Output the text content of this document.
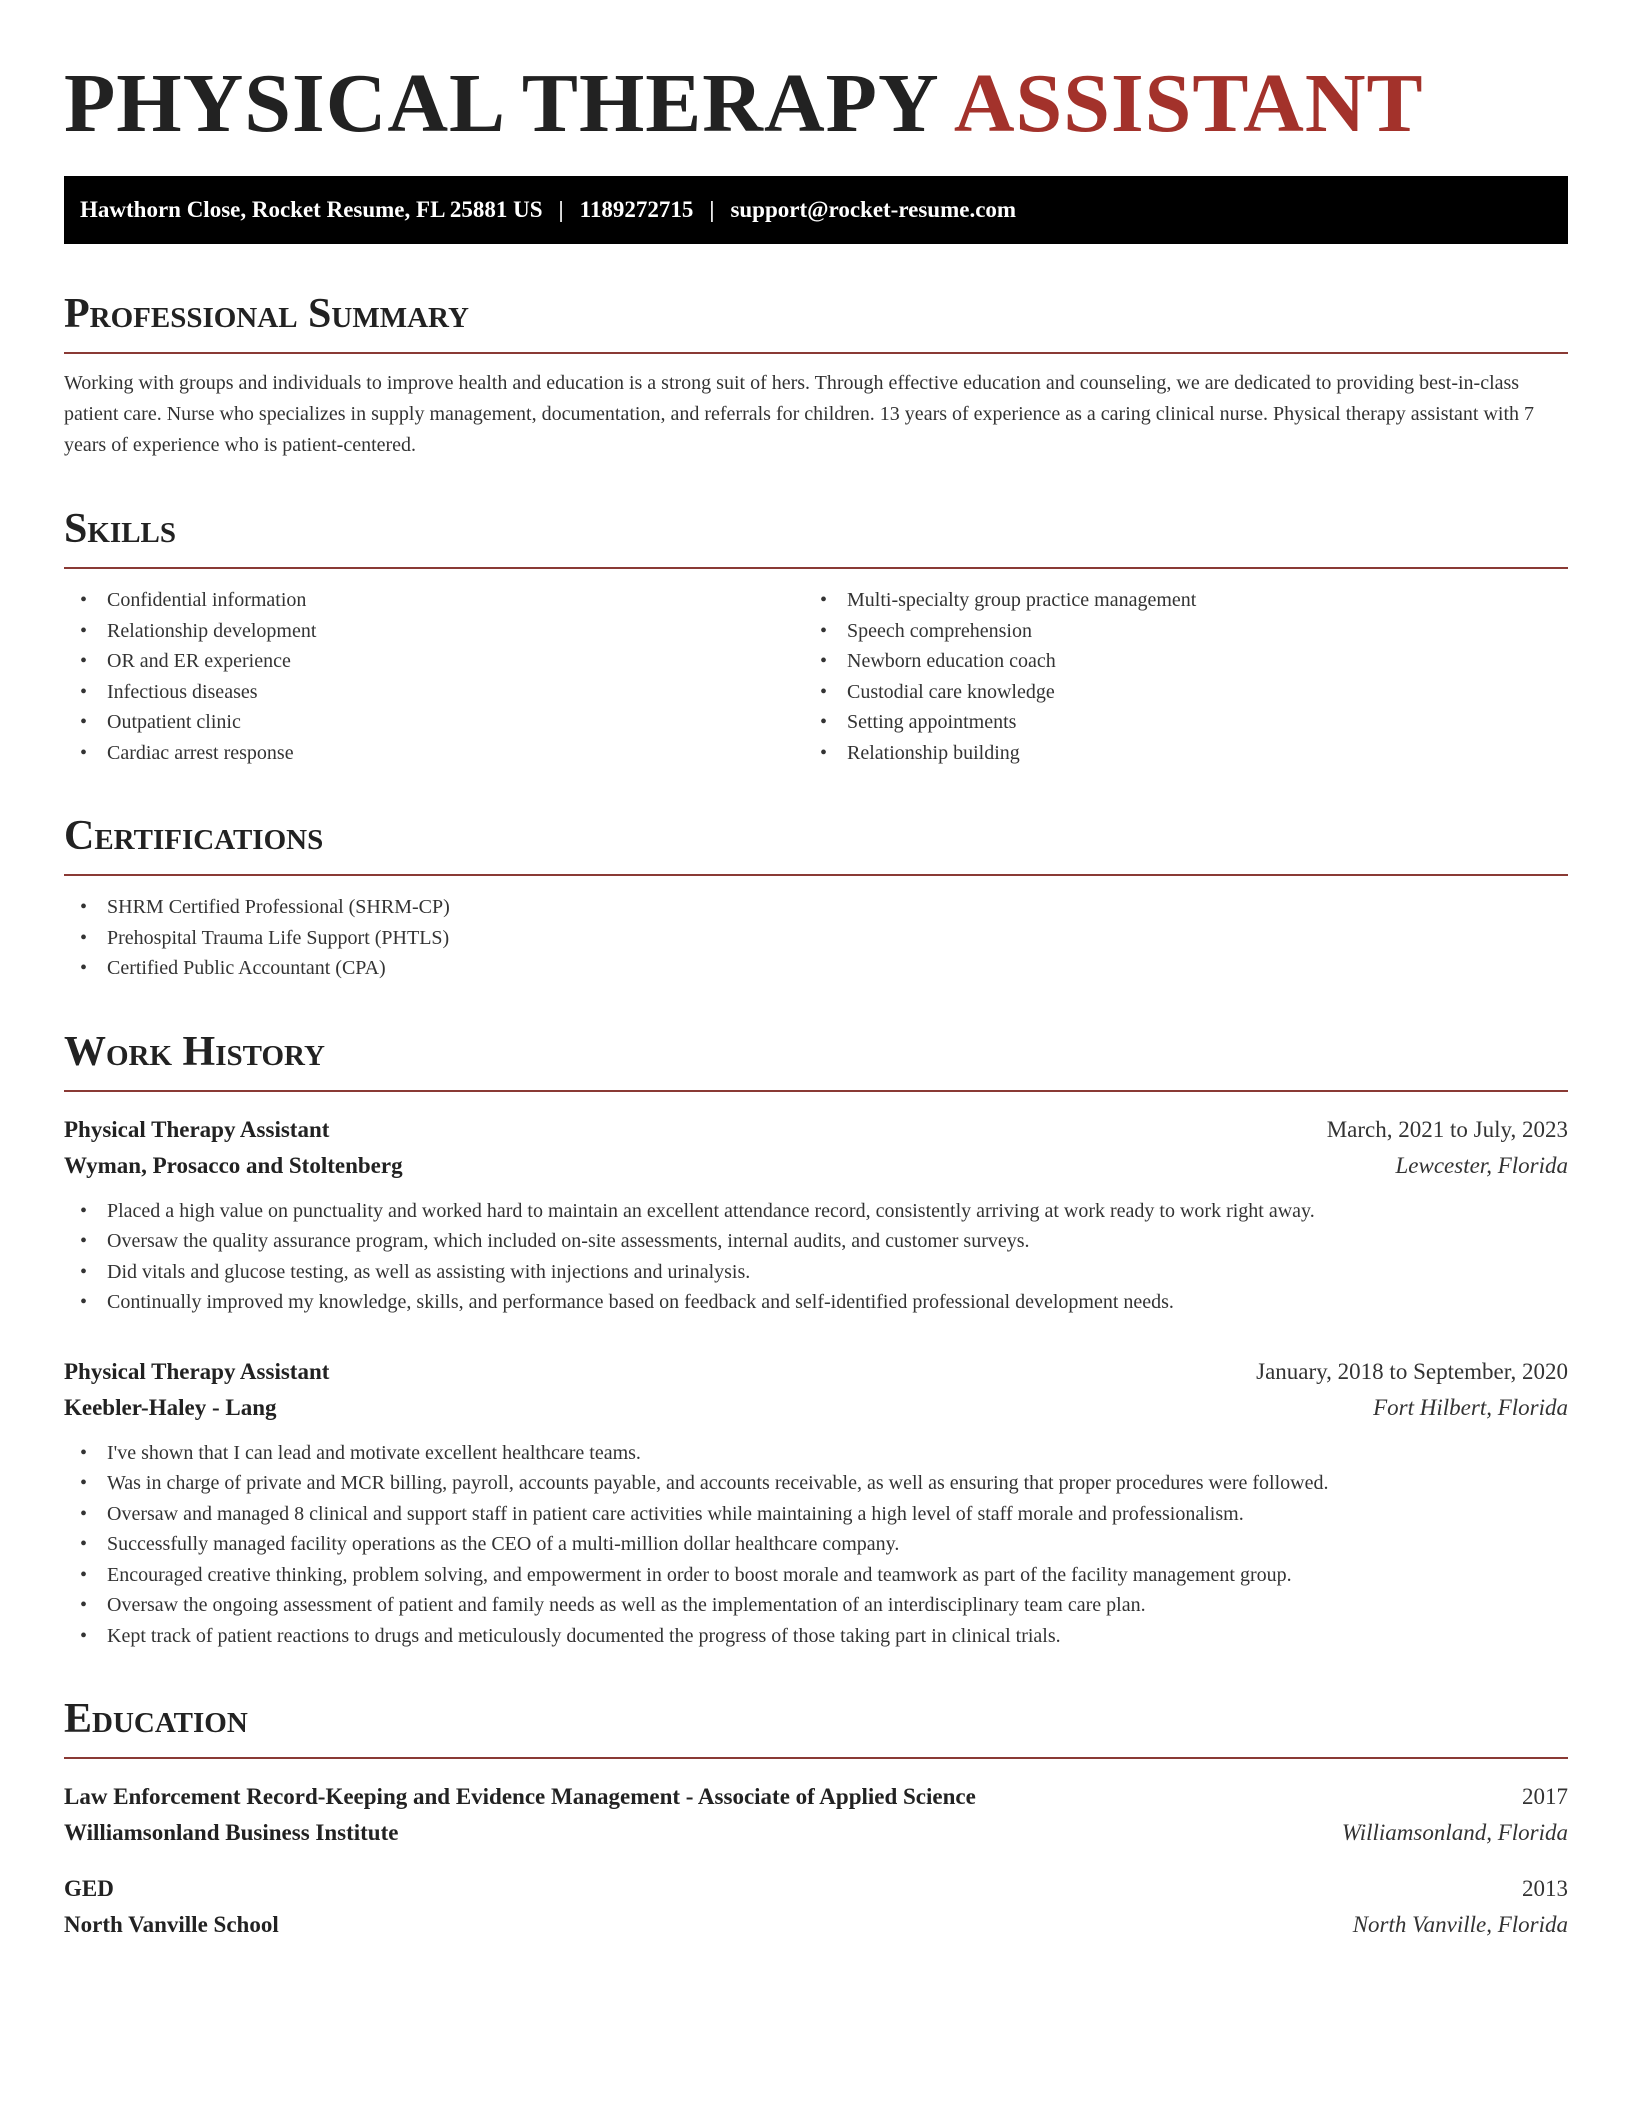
PHYSICAL THERAPY ASSISTANT
Hawthorn Close, Rocket Resume, FL 25881 US | 1189272715 | support@rocket-resume.com
Professional Summary

Working with groups and individuals to improve health and education is a strong suit of hers. Through effective education and counseling, we are dedicated to providing best-in-class patient care. Nurse who specializes in supply management, documentation, and referrals for children. 13 years of experience as a caring clinical nurse. Physical therapy assistant with 7 years of experience who is patient-centered.

Skills
• Confidential information
• Relationship development
• OR and ER experience
• Infectious diseases
• Outpatient clinic
• Cardiac arrest response
• Multi-specialty group practice management
• Speech comprehension
• Newborn education coach
• Custodial care knowledge
• Setting appointments
• Relationship building
Certifications
• SHRM Certified Professional (SHRM-CP)
• Prehospital Trauma Life Support (PHTLS)
• Certified Public Accountant (CPA)
Work History
Physical Therapy Assistant	March, 2021 to July, 2023
Wyman, Prosacco and Stoltenberg	Lewcester, Florida
• Placed a high value on punctuality and worked hard to maintain an excellent attendance record, consistently arriving at work ready to work right away.
• Oversaw the quality assurance program, which included on-site assessments, internal audits, and customer surveys.
• Did vitals and glucose testing, as well as assisting with injections and urinalysis.
• Continually improved my knowledge, skills, and performance based on feedback and self-identified professional development needs.
Physical Therapy Assistant	January, 2018 to September, 2020
Keebler-Haley - Lang	Fort Hilbert, Florida
• I've shown that I can lead and motivate excellent healthcare teams.
• Was in charge of private and MCR billing, payroll, accounts payable, and accounts receivable, as well as ensuring that proper procedures were followed.
• Oversaw and managed 8 clinical and support staff in patient care activities while maintaining a high level of staff morale and professionalism.
• Successfully managed facility operations as the CEO of a multi-million dollar healthcare company.
• Encouraged creative thinking, problem solving, and empowerment in order to boost morale and teamwork as part of the facility management group.
• Oversaw the ongoing assessment of patient and family needs as well as the implementation of an interdisciplinary team care plan.
• Kept track of patient reactions to drugs and meticulously documented the progress of those taking part in clinical trials.
Education
Law Enforcement Record-Keeping and Evidence Management - Associate of Applied Science	2017
Williamsonland Business Institute	Williamsonland, Florida
GED	2013
North Vanville School	North Vanville, Florida
